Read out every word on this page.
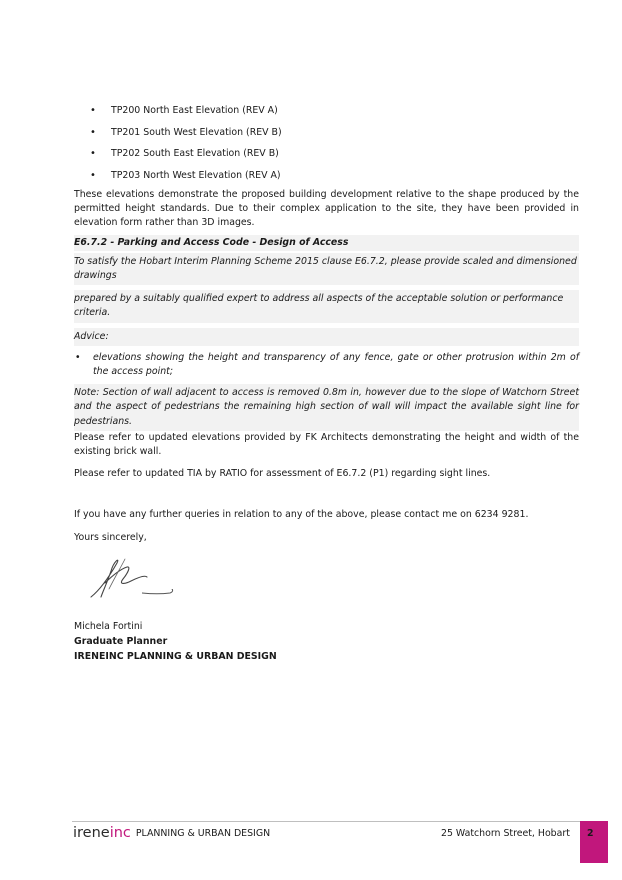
• TP200 North East Elevation (REV A)
• TP201 South West Elevation (REV B)
• TP202 South East Elevation (REV B)
• TP203 North West Elevation (REV A)

These elevations demonstrate the proposed building development relative to the shape produced by the permitted height standards. Due to their complex application to the site, they have been provided in elevation form rather than 3D images.

E6.7.2 - Parking and Access Code - Design of Access

To satisfy the Hobart Interim Planning Scheme 2015 clause E6.7.2, please provide scaled and dimensioned drawings

prepared by a suitably qualified expert to address all aspects of the acceptable solution or performance criteria.

Advice:

• elevations showing the height and transparency of any fence, gate or other protrusion within 2m of the access point;

Note: Section of wall adjacent to access is removed 0.8m in, however due to the slope of Watchorn Street and the aspect of pedestrians the remaining high section of wall will impact the available sight line for pedestrians.

Please refer to updated elevations provided by FK Architects demonstrating the height and width of the existing brick wall.

Please refer to updated TIA by RATIO for assessment of E6.7.2 (P1) regarding sight lines.

If you have any further queries in relation to any of the above, please contact me on 6234 9281.

Yours sincerely,

Michela Fortini
Graduate Planner
IRENEINC PLANNING & URBAN DESIGN
ireneinc PLANNING & URBAN DESIGN	25 Watchorn Street, Hobart 2
